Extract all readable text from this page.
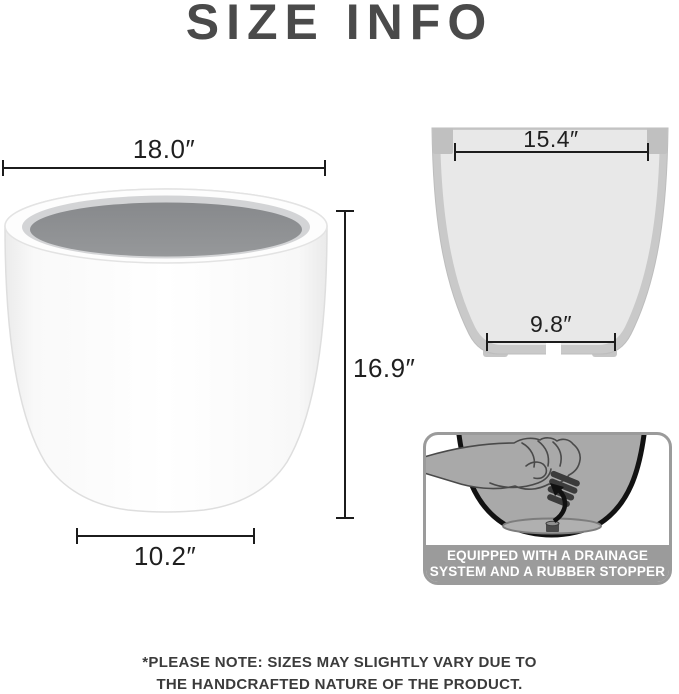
SIZE INFO
18.0″
16.9″
10.2″
15.4″
9.8″
EQUIPPED WITH A DRAINAGE
SYSTEM AND A RUBBER STOPPER
*PLEASE NOTE: SIZES MAY SLIGHTLY VARY DUE TO
THE HANDCRAFTED NATURE OF THE PRODUCT.
